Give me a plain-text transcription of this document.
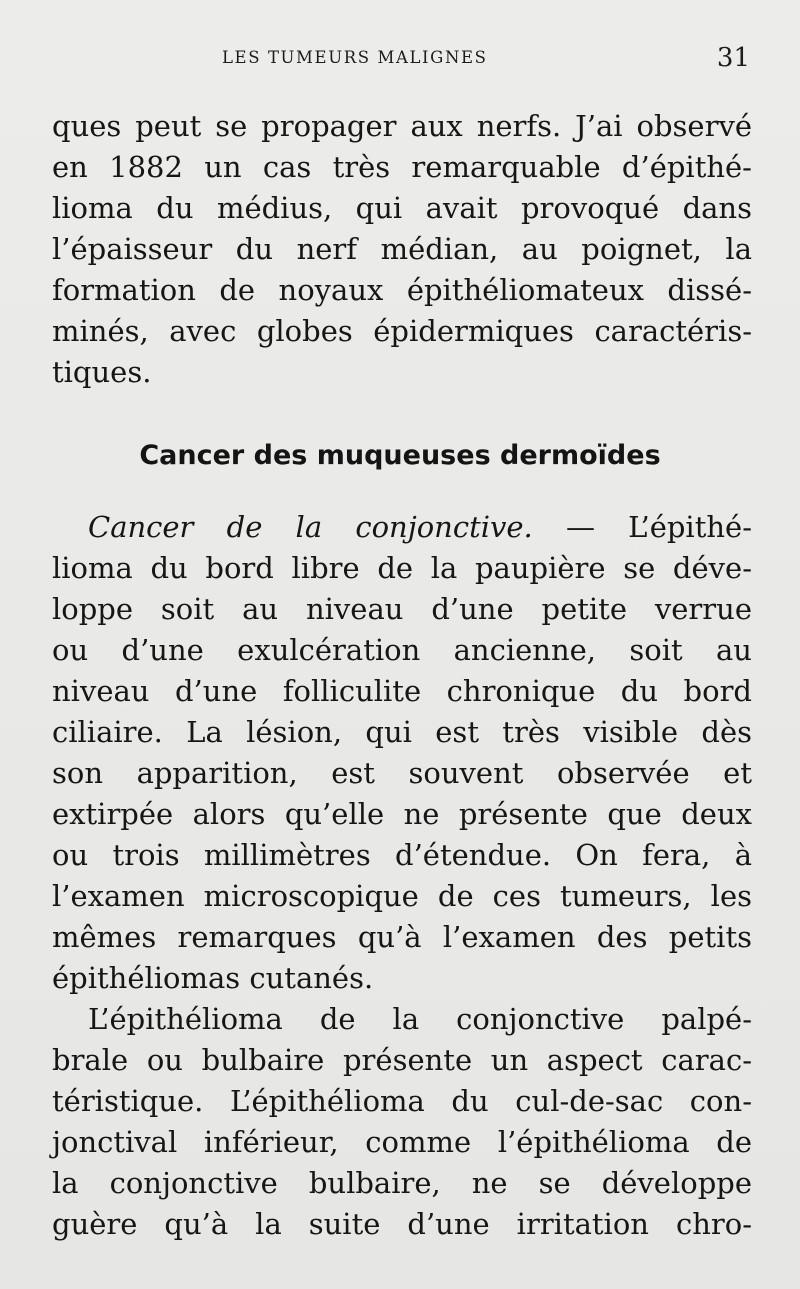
LES TUMEURS MALIGNES	31
ques peut se propager aux nerfs. J’ai observé
en 1882 un cas très remarquable d’épithé-
lioma du médius, qui avait provoqué dans
l’épaisseur du nerf médian, au poignet, la
formation de noyaux épithéliomateux dissé-
minés, avec globes épidermiques caractéris-
tiques.
Cancer des muqueuses dermoïdes
Cancer de la conjonctive. — L’épithé-
lioma du bord libre de la paupière se déve-
loppe soit au niveau d’une petite verrue
ou d’une exulcération ancienne, soit au
niveau d’une folliculite chronique du bord
ciliaire. La lésion, qui est très visible dès
son apparition, est souvent observée et
extirpée alors qu’elle ne présente que deux
ou trois millimètres d’étendue. On fera, à
l’examen microscopique de ces tumeurs, les
mêmes remarques qu’à l’examen des petits
épithéliomas cutanés.
L’épithélioma de la conjonctive palpé-
brale ou bulbaire présente un aspect carac-
téristique. L’épithélioma du cul-de-sac con-
jonctival inférieur, comme l’épithélioma de
la conjonctive bulbaire, ne se développe
guère qu’à la suite d’une irritation chro-
